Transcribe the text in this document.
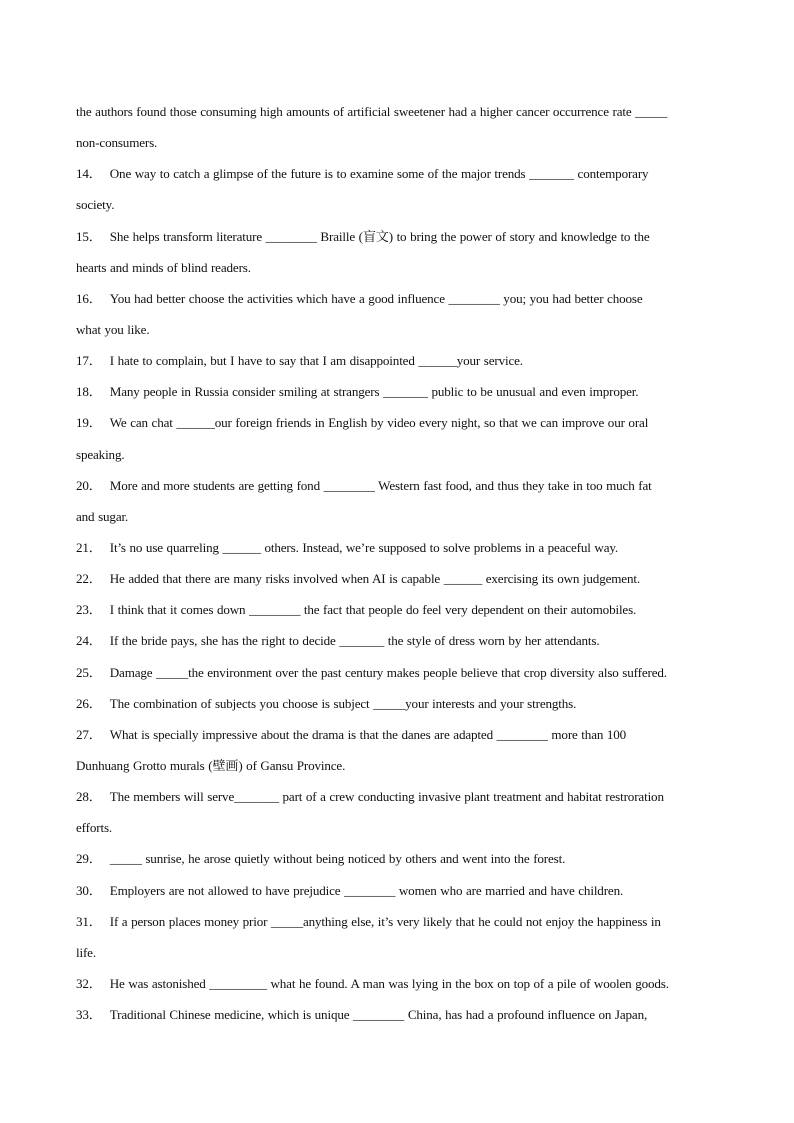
the authors found those consuming high amounts of artificial sweetener had a higher cancer occurrence rate _____
non-consumers.
14． One way to catch a glimpse of the future is to examine some of the major trends _______ contemporary
society.
15． She helps transform literature ________ Braille (盲文) to bring the power of story and knowledge to the
hearts and minds of blind readers.
16． You had better choose the activities which have a good influence ________ you; you had better choose
what you like.
17． I hate to complain, but I have to say that I am disappointed ______your service.
18． Many people in Russia consider smiling at strangers _______ public to be unusual and even improper.
19． We can chat ______our foreign friends in English by video every night, so that we can improve our oral
speaking.
20． More and more students are getting fond ________ Western fast food, and thus they take in too much fat
and sugar.
21． It’s no use quarreling ______ others. Instead, we’re supposed to solve problems in a peaceful way.
22． He added that there are many risks involved when AI is capable ______ exercising its own judgement.
23． I think that it comes down ________ the fact that people do feel very dependent on their automobiles.
24． If the bride pays, she has the right to decide _______ the style of dress worn by her attendants.
25． Damage _____the environment over the past century makes people believe that crop diversity also suffered.
26． The combination of subjects you choose is subject _____your interests and your strengths.
27． What is specially impressive about the drama is that the danes are adapted ________ more than 100
Dunhuang Grotto murals (壁画) of Gansu Province.
28． The members will serve_______ part of a crew conducting invasive plant treatment and habitat restroration
efforts.
29． _____ sunrise, he arose quietly without being noticed by others and went into the forest.
30． Employers are not allowed to have prejudice ________ women who are married and have children.
31． If a person places money prior _____anything else, it’s very likely that he could not enjoy the happiness in
life.
32． He was astonished _________ what he found. A man was lying in the box on top of a pile of woolen goods.
33． Traditional Chinese medicine, which is unique ________ China, has had a profound influence on Japan,
